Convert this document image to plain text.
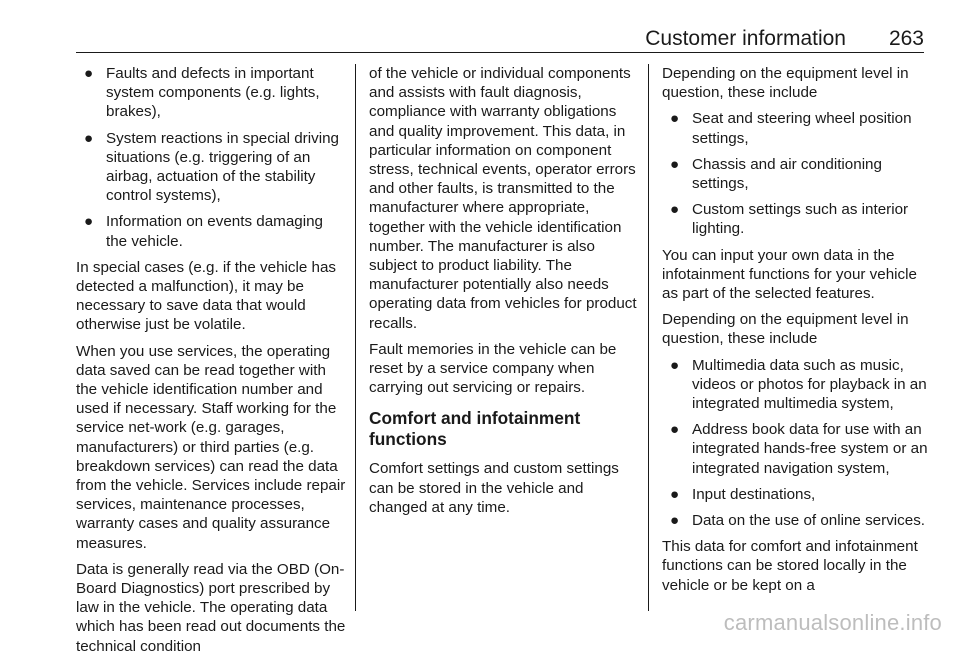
Customer information 263
● Faults and defects in important system components (e.g. lights, brakes),
● System reactions in special driving situations (e.g. triggering of an airbag, actuation of the stability control systems),
● Information on events damaging the vehicle.

In special cases (e.g. if the vehicle has detected a malfunction), it may be necessary to save data that would otherwise just be volatile.

When you use services, the operating data saved can be read together with the vehicle identification number and used if necessary. Staff working for the service net-work (e.g. garages, manufacturers) or third parties (e.g. breakdown services) can read the data from the vehicle. Services include repair services, maintenance processes, warranty cases and quality assurance measures.

Data is generally read via the OBD (On-Board Diagnostics) port prescribed by law in the vehicle. The operating data which has been read out documents the technical condition

of the vehicle or individual components and assists with fault diagnosis, compliance with warranty obligations and quality improvement. This data, in particular information on component stress, technical events, operator errors and other faults, is transmitted to the manufacturer where appropriate, together with the vehicle identification number. The manufacturer is also subject to product liability. The manufacturer potentially also needs operating data from vehicles for product recalls.

Fault memories in the vehicle can be reset by a service company when carrying out servicing or repairs.

Comfort and infotainment functions

Comfort settings and custom settings can be stored in the vehicle and changed at any time.

Depending on the equipment level in question, these include

● Seat and steering wheel position settings,
● Chassis and air conditioning settings,
● Custom settings such as interior lighting.

You can input your own data in the infotainment functions for your vehicle as part of the selected features.

Depending on the equipment level in question, these include

● Multimedia data such as music, videos or photos for playback in an integrated multimedia system,
● Address book data for use with an integrated hands-free system or an integrated navigation system,
● Input destinations,
● Data on the use of online services.

This data for comfort and infotainment functions can be stored locally in the vehicle or be kept on a

carmanualsonline.info
